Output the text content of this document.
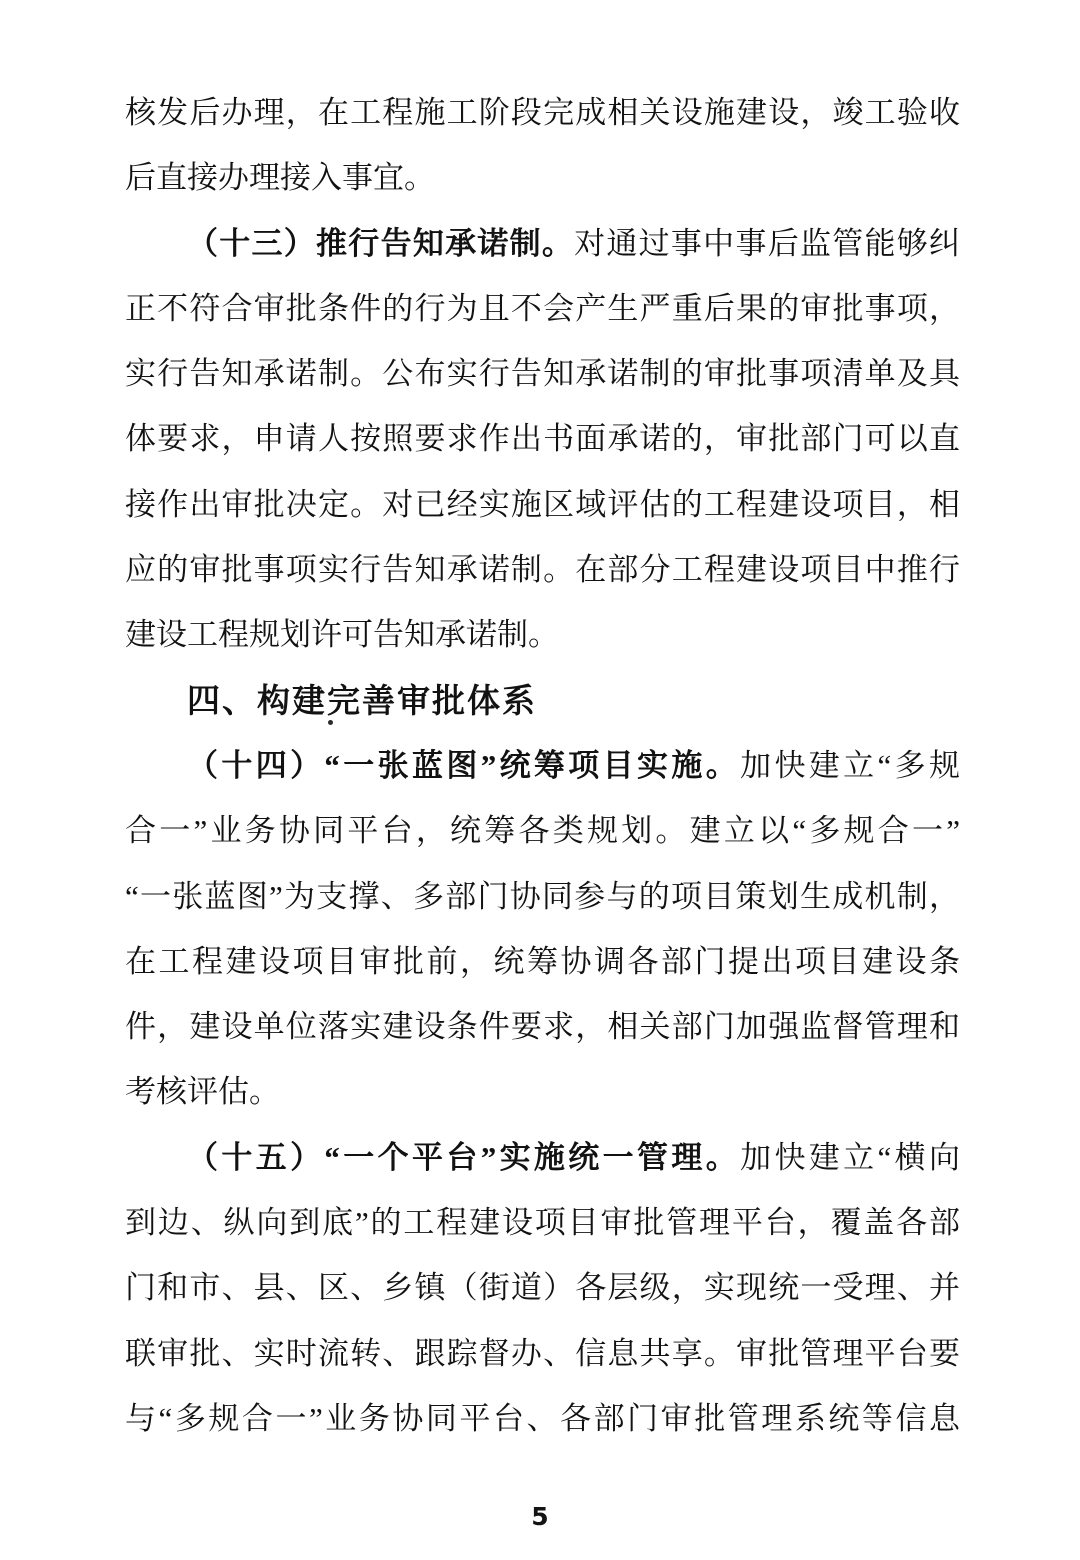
核发后办理，在工程施工阶段完成相关设施建设，竣工验收
后直接办理接入事宜。
（十三）推行告知承诺制。对通过事中事后监管能够纠
正不符合审批条件的行为且不会产生严重后果的审批事项，
实行告知承诺制。公布实行告知承诺制的审批事项清单及具
体要求，申请人按照要求作出书面承诺的，审批部门可以直
接作出审批决定。对已经实施区域评估的工程建设项目，相
应的审批事项实行告知承诺制。在部分工程建设项目中推行
建设工程规划许可告知承诺制。
四、构建完善审批体系
（十四）“一张蓝图”统筹项目实施。加快建立“多规
合一”业务协同平台，统筹各类规划。建立以“多规合一”
“一张蓝图”为支撑、多部门协同参与的项目策划生成机制，
在工程建设项目审批前，统筹协调各部门提出项目建设条
件，建设单位落实建设条件要求，相关部门加强监督管理和
考核评估。
（十五）“一个平台”实施统一管理。加快建立“横向
到边、纵向到底”的工程建设项目审批管理平台，覆盖各部
门和市、县、区、乡镇（街道）各层级，实现统一受理、并
联审批、实时流转、跟踪督办、信息共享。审批管理平台要
与“多规合一”业务协同平台、各部门审批管理系统等信息
5
